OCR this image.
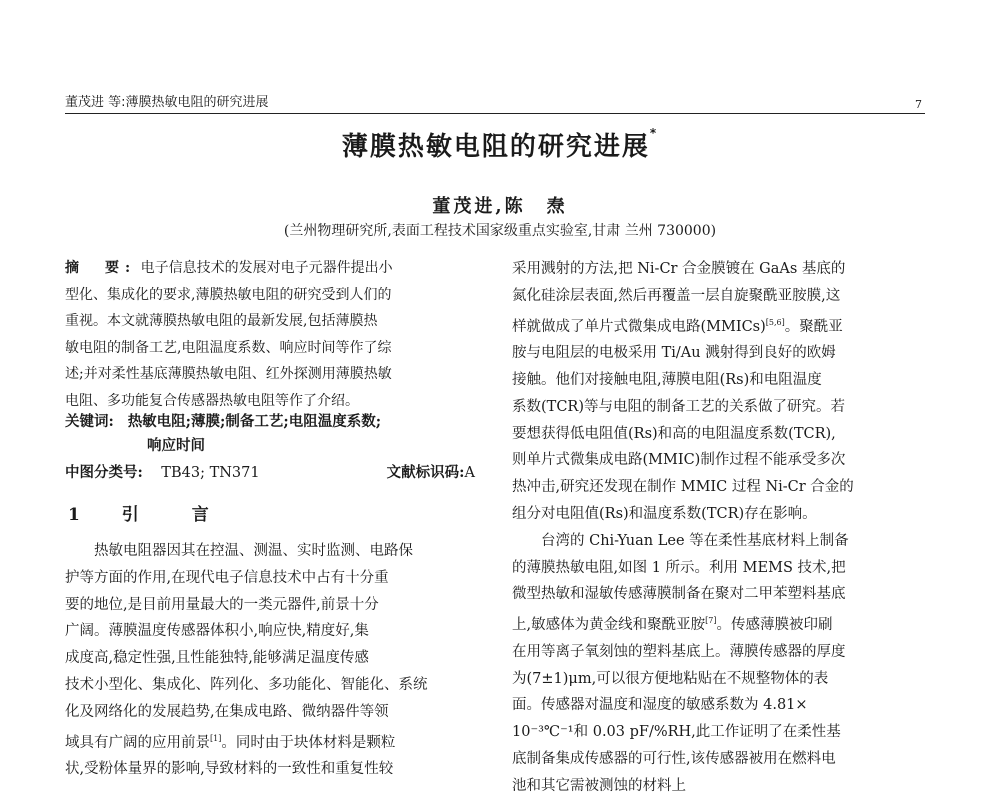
董茂进 等:薄膜热敏电阻的研究进展	7
薄膜热敏电阻的研究进展*
董茂进,陈　焘
(兰州物理研究所,表面工程技术国家级重点实验室,甘肃 兰州 730000)
摘　要: 电子信息技术的发展对电子元器件提出小
型化、集成化的要求,薄膜热敏电阻的研究受到人们的
重视。本文就薄膜热敏电阻的最新发展,包括薄膜热
敏电阻的制备工艺,电阻温度系数、响应时间等作了综
述;并对柔性基底薄膜热敏电阻、红外探测用薄膜热敏
电阻、多功能复合传感器热敏电阻等作了介绍。
关键词: 热敏电阻;薄膜;制备工艺;电阻温度系数;
响应时间
中图分类号: TB43; TN371	文献标识码:A
1 引　言
热敏电阻器因其在控温、测温、实时监测、电路保
护等方面的作用,在现代电子信息技术中占有十分重
要的地位,是目前用量最大的一类元器件,前景十分
广阔。薄膜温度传感器体积小,响应快,精度好,集
成度高,稳定性强,且性能独特,能够满足温度传感
技术小型化、集成化、阵列化、多功能化、智能化、系统
化及网络化的发展趋势,在集成电路、微纳器件等领
域具有广阔的应用前景[1]。同时由于块体材料是颗粒
状,受粉体量界的影响,导致材料的一致性和重复性较
采用溅射的方法,把 Ni-Cr 合金膜镀在 GaAs 基底的
氮化硅涂层表面,然后再覆盖一层自旋聚酰亚胺膜,这
样就做成了单片式微集成电路(MMICs)[5,6]。聚酰亚
胺与电阻层的电极采用 Ti/Au 溅射得到良好的欧姆
接触。他们对接触电阻,薄膜电阻(Rs)和电阻温度
系数(TCR)等与电阻的制备工艺的关系做了研究。若
要想获得低电阻值(Rs)和高的电阻温度系数(TCR),
则单片式微集成电路(MMIC)制作过程不能承受多次
热冲击,研究还发现在制作 MMIC 过程 Ni-Cr 合金的
组分对电阻值(Rs)和温度系数(TCR)存在影响。
台湾的 Chi-Yuan Lee 等在柔性基底材料上制备
的薄膜热敏电阻,如图 1 所示。利用 MEMS 技术,把
微型热敏和湿敏传感薄膜制备在聚对二甲苯塑料基底
上,敏感体为黄金线和聚酰亚胺[7]。传感薄膜被印刷
在用等离子氧刻蚀的塑料基底上。薄膜传感器的厚度
为(7±1)μm,可以很方便地粘贴在不规整物体的表
面。传感器对温度和湿度的敏感系数为 4.81×
10⁻³℃⁻¹和 0.03 pF/%RH,此工作证明了在柔性基
底制备集成传感器的可行性,该传感器被用在燃料电
池和其它需被测蚀的材料上
